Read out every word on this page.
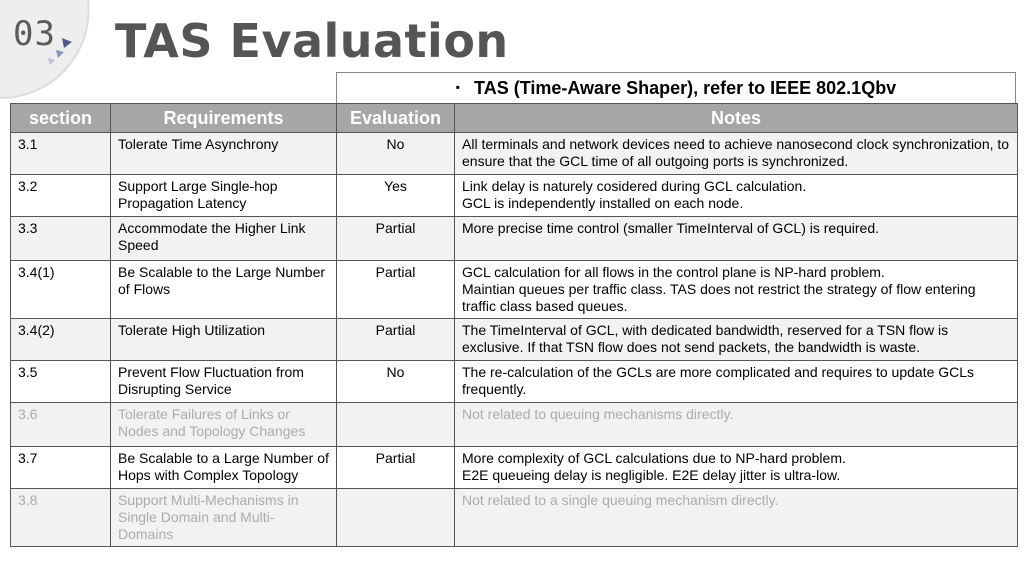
03 TAS Evaluation
▪ TAS (Time-Aware Shaper), refer to IEEE 802.1Qbv
section	Requirements	Evaluation	Notes
3.1	Tolerate Time Asynchrony	No	All terminals and network devices need to achieve nanosecond clock synchronization, to ensure that the GCL time of all outgoing ports is synchronized.

3.2	Support Large Single-hop Propagation Latency	Yes	Link delay is naturely cosidered during GCL calculation.
GCL is independently installed on each node.

3.3	Accommodate the Higher Link Speed	Partial	More precise time control (smaller TimeInterval of GCL) is required.

3.4(1)	Be Scalable to the Large Number of Flows	Partial	GCL calculation for all flows in the control plane is NP-hard problem.
Maintian queues per traffic class. TAS does not restrict the strategy of flow entering traffic class based queues.

3.4(2)	Tolerate High Utilization	Partial	The TimeInterval of GCL, with dedicated bandwidth, reserved for a TSN flow is exclusive. If that TSN flow does not send packets, the bandwidth is waste.

3.5	Prevent Flow Fluctuation from Disrupting Service	No	The re-calculation of the GCLs are more complicated and requires to update GCLs frequently.

3.6	Tolerate Failures of Links or Nodes and Topology Changes		Not related to queuing mechanisms directly.

3.7	Be Scalable to a Large Number of Hops with Complex Topology	Partial	More complexity of GCL calculations due to NP-hard problem.
E2E queueing delay is negligible. E2E delay jitter is ultra-low.

3.8	Support Multi-Mechanisms in Single Domain and Multi-Domains		Not related to a single queuing mechanism directly.
